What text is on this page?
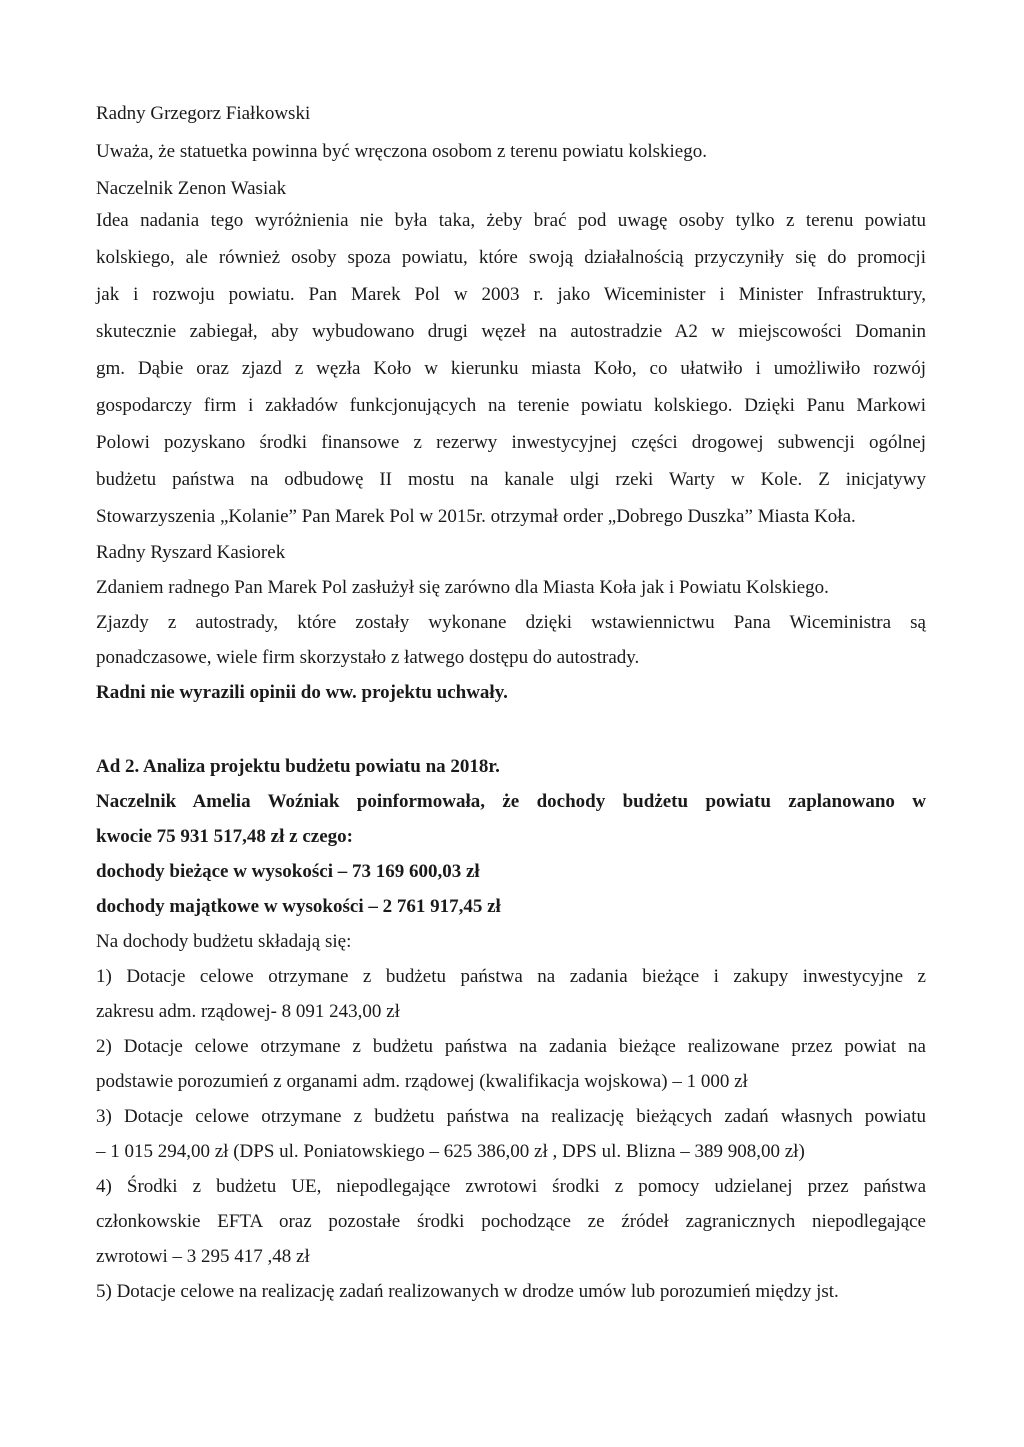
Radny Grzegorz Fiałkowski

Uważa, że statuetka powinna być wręczona osobom z terenu powiatu kolskiego.

Naczelnik Zenon Wasiak

Idea nadania tego wyróżnienia nie była taka, żeby brać pod uwagę osoby tylko z terenu powiatu

kolskiego, ale również osoby spoza powiatu, które swoją działalnością przyczyniły się do promocji

jak i rozwoju powiatu. Pan Marek Pol w 2003 r. jako Wiceminister i Minister Infrastruktury,

skutecznie zabiegał, aby wybudowano drugi węzeł na autostradzie A2 w miejscowości Domanin

gm. Dąbie oraz zjazd z węzła Koło w kierunku miasta Koło, co ułatwiło i umożliwiło rozwój

gospodarczy firm i zakładów funkcjonujących na terenie powiatu kolskiego. Dzięki Panu Markowi

Polowi pozyskano środki finansowe z rezerwy inwestycyjnej części drogowej subwencji ogólnej

budżetu państwa na odbudowę II mostu na kanale ulgi rzeki Warty w Kole. Z inicjatywy

Stowarzyszenia „Kolanie” Pan Marek Pol w 2015r. otrzymał order „Dobrego Duszka” Miasta Koła.

Radny Ryszard Kasiorek

Zdaniem radnego Pan Marek Pol zasłużył się zarówno dla Miasta Koła jak i Powiatu Kolskiego.

Zjazdy z autostrady, które zostały wykonane dzięki wstawiennictwu Pana Wiceministra są

ponadczasowe, wiele firm skorzystało z łatwego dostępu do autostrady.

Radni nie wyrazili opinii do ww. projektu uchwały.

Ad 2. Analiza projektu budżetu powiatu na 2018r.

Naczelnik Amelia Woźniak poinformowała, że dochody budżetu powiatu zaplanowano w

kwocie 75 931 517,48 zł z czego:

dochody bieżące w wysokości – 73 169 600,03 zł

dochody majątkowe w wysokości – 2 761 917,45 zł

Na dochody budżetu składają się:

1) Dotacje celowe otrzymane z budżetu państwa na zadania bieżące i zakupy inwestycyjne z

zakresu adm. rządowej- 8 091 243,00 zł

2) Dotacje celowe otrzymane z budżetu państwa na zadania bieżące realizowane przez powiat na

podstawie porozumień z organami adm. rządowej (kwalifikacja wojskowa) – 1 000 zł

3) Dotacje celowe otrzymane z budżetu państwa na realizację bieżących zadań własnych powiatu

– 1 015 294,00 zł (DPS ul. Poniatowskiego – 625 386,00 zł , DPS ul. Blizna – 389 908,00 zł)

4) Środki z budżetu UE, niepodlegające zwrotowi środki z pomocy udzielanej przez państwa

członkowskie EFTA oraz pozostałe środki pochodzące ze źródeł zagranicznych niepodlegające

zwrotowi – 3 295 417 ,48 zł

5) Dotacje celowe na realizację zadań realizowanych w drodze umów lub porozumień między jst.
